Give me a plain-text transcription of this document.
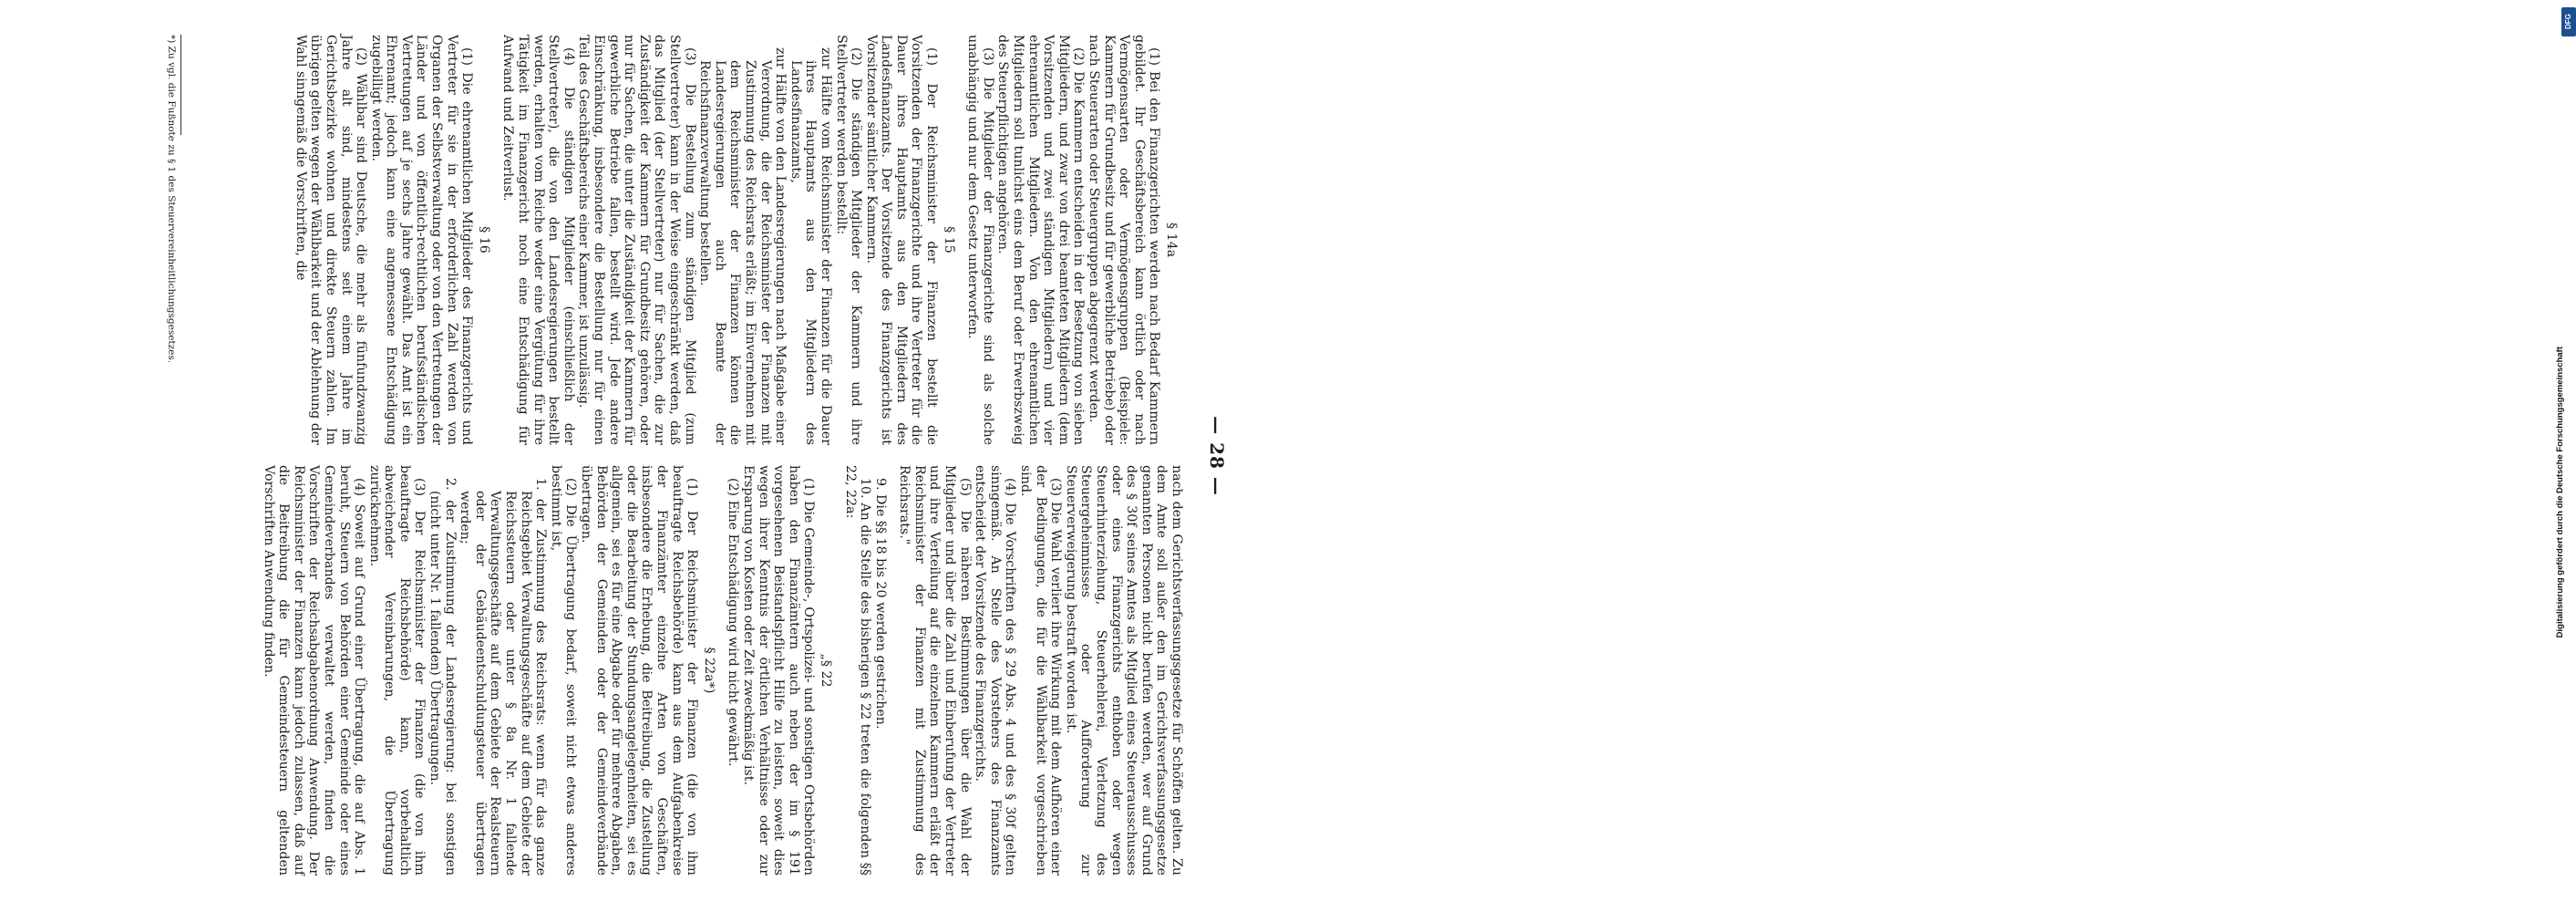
— 28 —

§ 14a

(1) Bei den Finanzgerichten werden nach Bedarf Kammern gebildet. Ihr Geschäftsbereich kann örtlich oder nach Vermögensarten oder Vermögensgruppen (Beispiele: Kammern für Grundbesitz und für gewerbliche Betriebe) oder nach Steuerarten oder Steuergruppen abgegrenzt werden.

(2) Die Kammern entscheiden in der Besetzung von sieben Mitgliedern, und zwar von drei beamteten Mitgliedern (dem Vorsitzenden und zwei ständigen Mitgliedern) und vier ehrenamtlichen Mitgliedern. Von den ehrenamtlichen Mitgliedern soll tunlichst eins dem Beruf oder Erwerbszweig des Steuerpflichtigen angehören.

(3) Die Mitglieder der Finanzgerichte sind als solche unabhängig und nur dem Gesetz unterworfen.

§ 15

(1) Der Reichsminister der Finanzen bestellt die Vorsitzenden der Finanzgerichte und ihre Vertreter für die Dauer ihres Hauptamts aus den Mitgliedern des Landesfinanzamts. Der Vorsitzende des Finanzgerichts ist Vorsitzender sämtlicher Kammern.

(2) Die ständigen Mitglieder der Kammern und ihre Stellvertreter werden bestellt:

zur Hälfte vom Reichsminister der Finanzen für die Dauer ihres Hauptamts aus den Mitgliedern des Landesfinanzamts,

zur Hälfte von den Landesregierungen nach Maßgabe einer Verordnung, die der Reichsminister der Finanzen mit Zustimmung des Reichsrats erläßt; im Einvernehmen mit dem Reichsminister der Finanzen können die Landesregierungen auch Beamte der Reichsfinanzverwaltung bestellen.

(3) Die Bestellung zum ständigen Mitglied (zum Stellvertreter) kann in der Weise eingeschränkt werden, daß das Mitglied (der Stellvertreter) nur für Sachen, die zur Zuständigkeit der Kammern für Grundbesitz gehören, oder nur für Sachen, die unter die Zuständigkeit der Kammern für gewerbliche Betriebe fallen, bestellt wird. Jede andere Einschränkung, insbesondere die Bestellung nur für einen Teil des Geschäftsbereichs einer Kammer, ist unzulässig.

(4) Die ständigen Mitglieder (einschließlich der Stellvertreter), die von den Landesregierungen bestellt werden, erhalten vom Reiche weder eine Vergütung für ihre Tätigkeit im Finanzgericht noch eine Entschädigung für Aufwand und Zeitverlust.

§ 16

(1) Die ehrenamtlichen Mitglieder des Finanzgerichts und Vertreter für sie in der erforderlichen Zahl werden von Organen der Selbstverwaltung oder von den Vertretungen der Länder und von öffentlich-rechtlichen berufsständischen Vertretungen auf je sechs Jahre gewählt. Das Amt ist ein Ehrenamt; jedoch kann eine angemessene Entschädigung zugebilligt werden.

(2) Wählbar sind Deutsche, die mehr als fünfundzwanzig Jahre alt sind, mindestens seit einem Jahre im Gerichtsbezirke wohnen und direkte Steuern zahlen. Im übrigen gelten wegen der Wählbarkeit und der Ablehnung der Wahl sinngemäß die Vorschriften, die

*) Zu vgl. die Fußnote zu § 1 des Steuervereinheitlichungsgesetzes.

nach dem Gerichtsverfassungsgesetze für Schöffen gelten. Zu dem Amte soll außer den im Gerichtsverfassungsgesetze genannten Personen nicht berufen werden, wer auf Grund des § 30f seines Amtes als Mitglied eines Steuerausschusses oder eines Finanzgerichts enthoben oder wegen Steuerhinterziehung, Steuerhehlerei, Verletzung des Steuergeheimnisses oder Aufforderung zur Steuerverweigerung bestraft worden ist.

(3) Die Wahl verliert ihre Wirkung mit dem Aufhören einer der Bedingungen, die für die Wählbarkeit vorgeschrieben sind.

(4) Die Vorschriften des § 29 Abs. 4 und des § 30f gelten sinngemäß. An Stelle des Vorstehers des Finanzamts entscheidet der Vorsitzende des Finanzgerichts.

(5) Die näheren Bestimmungen über die Wahl der Mitglieder und über die Zahl und Einberufung der Vertreter und ihre Verteilung auf die einzelnen Kammern erläßt der Reichsminister der Finanzen mit Zustimmung des Reichsrats."

9. Die §§ 18 bis 20 werden gestrichen.

10. An die Stelle des bisherigen § 22 treten die folgenden §§ 22, 22a:

„§ 22

(1) Die Gemeinde-, Ortspolizei- und sonstigen Ortsbehörden haben den Finanzämtern auch neben der im § 191 vorgesehenen Beistandspflicht Hilfe zu leisten, soweit dies wegen ihrer Kenntnis der örtlichen Verhältnisse oder zur Ersparung von Kosten oder Zeit zweckmäßig ist.

(2) Eine Entschädigung wird nicht gewährt.

§ 22a*)

(1) Der Reichsminister der Finanzen (die von ihm beauftragte Reichsbehörde) kann aus dem Aufgabenkreise der Finanzämter einzelne Arten von Geschäften, insbesondere die Erhebung, die Beitreibung, die Zustellung oder die Bearbeitung der Stundungsangelegenheiten, sei es allgemein, sei es für eine Abgabe oder für mehrere Abgaben, Behörden der Gemeinden oder der Gemeindeverbände übertragen.

(2) Die Übertragung bedarf, soweit nicht etwas anderes bestimmt ist,

1. der Zustimmung des Reichsrats: wenn für das ganze Reichsgebiet Verwaltungsgeschäfte auf dem Gebiete der Reichssteuern oder unter § 8a Nr. 1 fallende Verwaltungsgeschäfte auf dem Gebiete der Realsteuern oder der Gebäudeentschuldungsteuer übertragen werden;

2. der Zustimmung der Landesregierung: bei sonstigen (nicht unter Nr. 1 fallenden) Übertragungen.

(3) Der Reichsminister der Finanzen (die von ihm beauftragte Reichsbehörde) kann, vorbehaltlich abweichender Vereinbarungen, die Übertragung zurücknehmen.

(4) Soweit auf Grund einer Übertragung, die auf Abs. 1 beruht, Steuern von Behörden einer Gemeinde oder eines Gemeindeverbandes verwaltet werden, finden die Vorschriften der Reichsabgabenordnung Anwendung. Der Reichsminister der Finanzen kann jedoch zulassen, daß auf die Beitreibung die für Gemeindesteuern geltenden Vorschriften Anwendung finden.

DFG
Digitalisierung gefördert durch die Deutsche Forschungsgemeinschaft
